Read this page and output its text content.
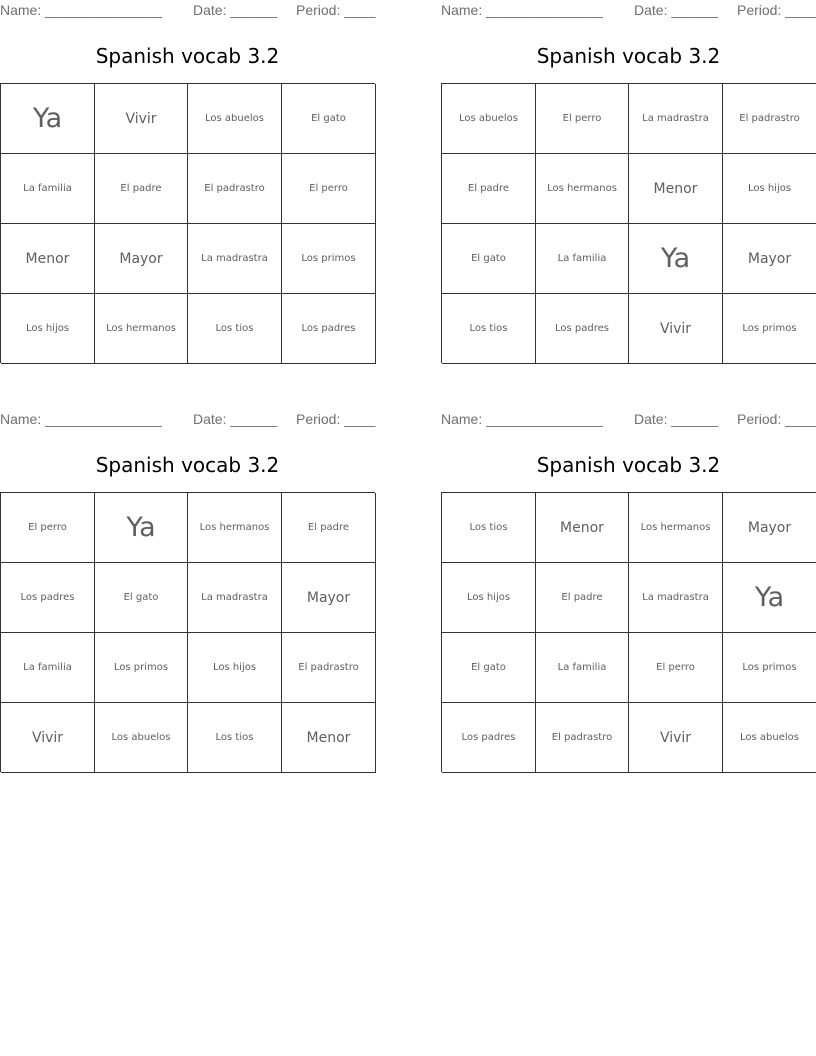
Name: _______________ Date: ______ Period: ____
Spanish vocab 3.2
Ya	Vivir	Los abuelos	El gato
La familia	El padre	El padrastro	El perro
Menor	Mayor	La madrastra	Los primos
Los hijos	Los hermanos	Los tios	Los padres
Name: _______________ Date: ______ Period: ____
Spanish vocab 3.2
Los abuelos	El perro	La madrastra	El padrastro
El padre	Los hermanos	Menor	Los hijos
El gato	La familia	Ya	Mayor
Los tios	Los padres	Vivir	Los primos
Name: _______________ Date: ______ Period: ____
Spanish vocab 3.2
El perro	Ya	Los hermanos	El padre
Los padres	El gato	La madrastra	Mayor
La familia	Los primos	Los hijos	El padrastro
Vivir	Los abuelos	Los tios	Menor
Name: _______________ Date: ______ Period: ____
Spanish vocab 3.2
Los tios	Menor	Los hermanos	Mayor
Los hijos	El padre	La madrastra	Ya
El gato	La familia	El perro	Los primos
Los padres	El padrastro	Vivir	Los abuelos
